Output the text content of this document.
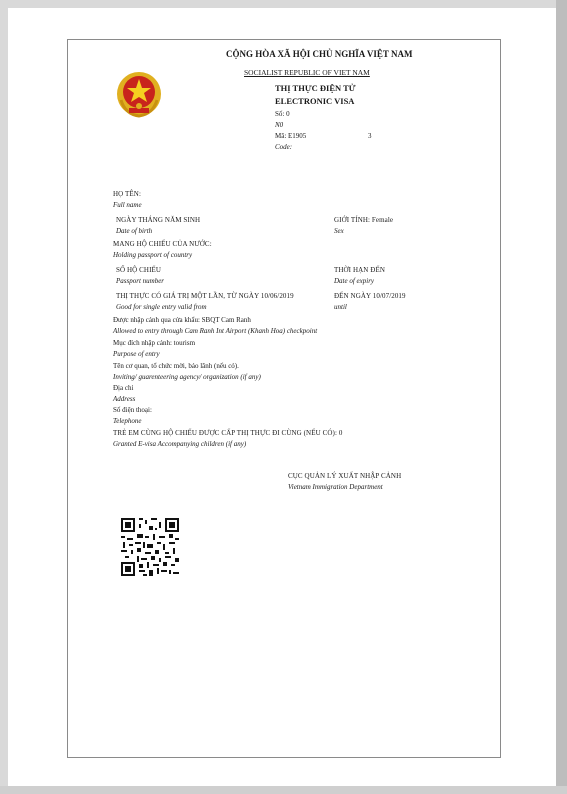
CỘNG HÒA XÃ HỘI CHỦ NGHĨA VIỆT NAM
SOCIALIST REPUBLIC OF VIET NAM
THỊ THỰC ĐIỆN TỬ
ELECTRONIC VISA
Số: 0
N0
Mã: E1905	3
Code:
HỌ TÊN:
Full name
NGÀY THÁNG NĂM SINH
Date of birth
GIỚI TÍNH: Female
Sex
MANG HỘ CHIẾU CỦA NƯỚC:
Holding passport of country
SỐ HỘ CHIẾU
Passport number
THỜI HẠN ĐẾN
Date of expiry
THỊ THỰC CÓ GIÁ TRỊ MỘT LẦN, TỪ NGÀY 10/06/2019
Good for single entry valid from
ĐẾN NGÀY 10/07/2019
until
Được nhập cảnh qua cửa khẩu: SBQT Cam Ranh
Allowed to entry through Cam Ranh Int Airport (Khanh Hoa) checkpoint
Mục đích nhập cảnh: tourism
Purpose of entry
Tên cơ quan, tổ chức mời, bảo lãnh (nếu có).
Inviting/ guarenteering agency/ organization (if any)
Địa chỉ
Address
Số điện thoại:
Telephone
TRẺ EM CÙNG HỘ CHIẾU ĐƯỢC CẤP THỊ THỰC ĐI CÙNG (NẾU CÓ): 0
Granted E-visa Accompanying children (if any)
CỤC QUẢN LÝ XUẤT NHẬP CẢNH
Vietnam Immigration Department
